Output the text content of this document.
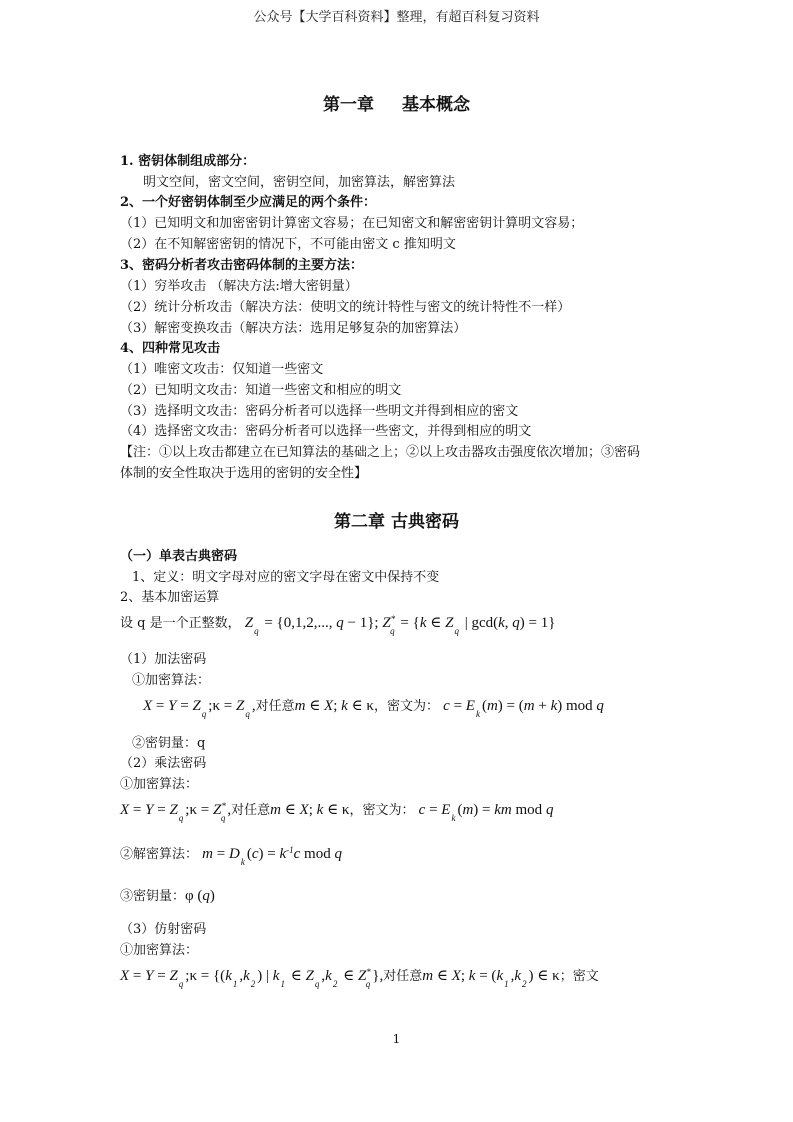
公众号【大学百科资料】整理，有超百科复习资料
第一章 基本概念
1. 密钥体制组成部分：
明文空间，密文空间，密钥空间，加密算法，解密算法
2、一个好密钥体制至少应满足的两个条件：
（1）已知明文和加密密钥计算密文容易；在已知密文和解密密钥计算明文容易；
（2）在不知解密密钥的情况下，不可能由密文 c 推知明文
3、密码分析者攻击密码体制的主要方法：
（1）穷举攻击 （解决方法:增大密钥量）
（2）统计分析攻击（解决方法：使明文的统计特性与密文的统计特性不一样）
（3）解密变换攻击（解决方法：选用足够复杂的加密算法）
4、四种常见攻击
（1）唯密文攻击：仅知道一些密文
（2）已知明文攻击：知道一些密文和相应的明文
（3）选择明文攻击：密码分析者可以选择一些明文并得到相应的密文
（4）选择密文攻击：密码分析者可以选择一些密文，并得到相应的明文
【注：①以上攻击都建立在已知算法的基础之上；②以上攻击器攻击强度依次增加；③密码
体制的安全性取决于选用的密钥的安全性】
第二章 古典密码
（一）单表古典密码
1、定义：明文字母对应的密文字母在密文中保持不变
2、基本加密运算
设 q 是一个正整数， $Z_q = \{0,1,2$,..., q − 1}; $Z^*_q = \{k$ ∈ $Z_q$ | gcd(k, q) = 1}
（1）加法密码
①加密算法：
$X = Y = Z_q$ ;κ = $Z_q$ ,对任意m ∈ X; k ∈ κ，密文为： $c = E_k$ (m) = (m + k) mod q
②密钥量：q
（2）乘法密码
①加密算法：
$X = Y = Z_q$ ;κ = $Z^*_q$ ,对任意m ∈ X; k ∈ κ，密文为： $c = E_k$ (m) = km mod q
②解密算法： $m = D_k$ $(c) = k^{-1}c$ mod q
③密钥量：φ (q)
（3）仿射密码
①加密算法：
$X = Y = Z_q$ ;κ = {($k_1$ $,k_2$ ) | $k_1$ ∈ $Z_q$ $,k_2$ ∈ $Z^*_q$ },对任意m ∈ X; $k = (k_1$ $,k_2$ ) ∈ κ；密文
1
